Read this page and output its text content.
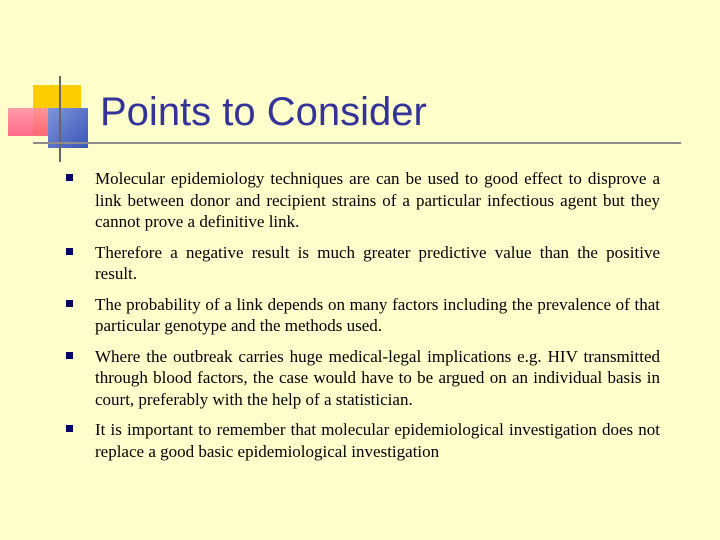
Points to Consider
Molecular epidemiology techniques are can be used to good effect to disprove a link between donor and recipient strains of a particular infectious agent but they cannot prove a definitive link.
Therefore a negative result is much greater predictive value than the positive result.
The probability of a link depends on many factors including the prevalence of that particular genotype and the methods used.
Where the outbreak carries huge medical-legal implications e.g. HIV transmitted through blood factors, the case would have to be argued on an individual basis in court, preferably with the help of a statistician.
It is important to remember that molecular epidemiological investigation does not replace a good basic epidemiological investigation
